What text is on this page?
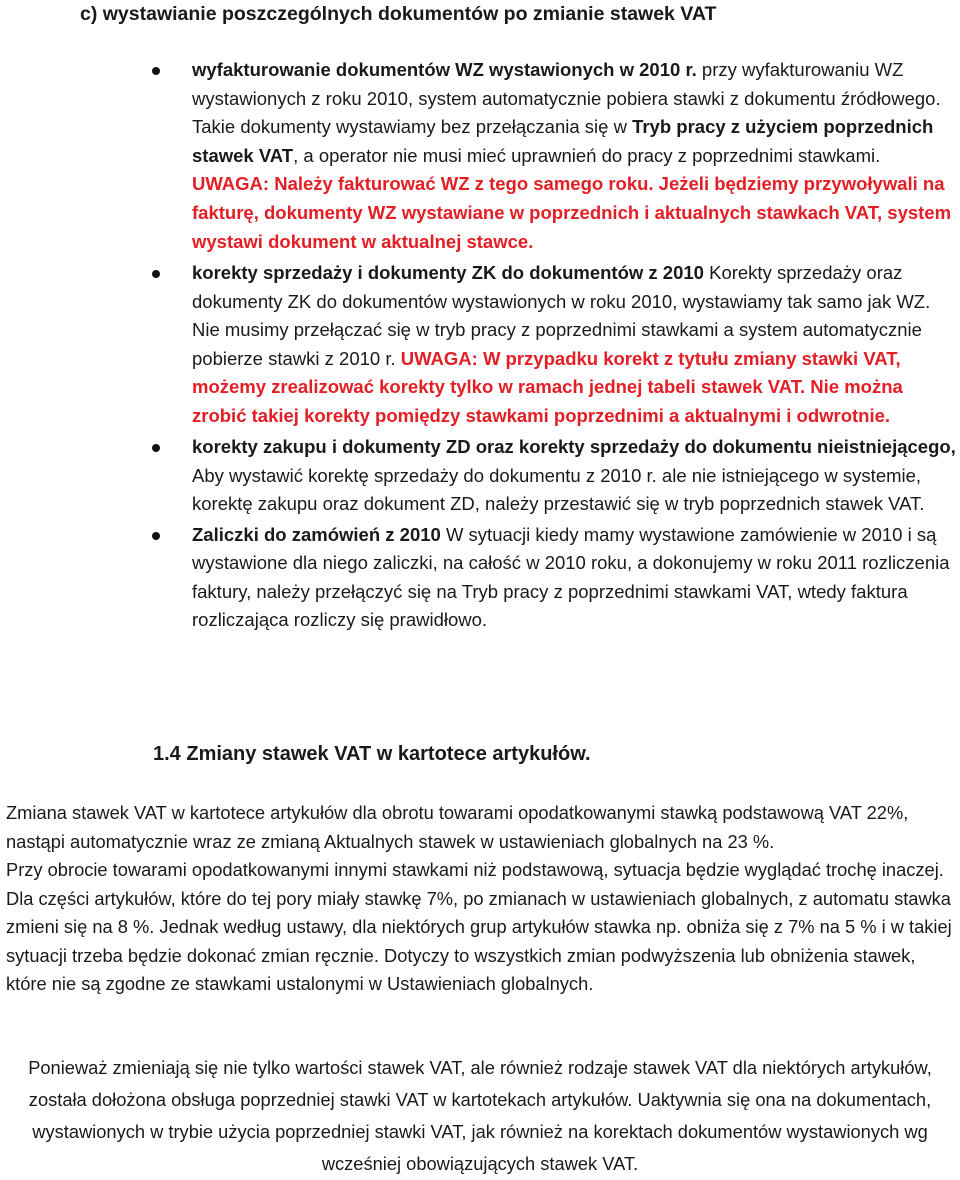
c) wystawianie poszczególnych dokumentów po zmianie stawek VAT
wyfakturowanie dokumentów WZ wystawionych w 2010 r. przy wyfakturowaniu WZ wystawionych z roku 2010, system automatycznie pobiera stawki z dokumentu źródłowego. Takie dokumenty wystawiamy bez przełączania się w Tryb pracy z użyciem poprzednich stawek VAT, a operator nie musi mieć uprawnień do pracy z poprzednimi stawkami. UWAGA: Należy fakturować WZ z tego samego roku. Jeżeli będziemy przywoływali na fakturę, dokumenty WZ wystawiane w poprzednich i aktualnych stawkach VAT, system wystawi dokument w aktualnej stawce.
korekty sprzedaży i dokumenty ZK do dokumentów z 2010 Korekty sprzedaży oraz dokumenty ZK do dokumentów wystawionych w roku 2010, wystawiamy tak samo jak WZ. Nie musimy przełączać się w tryb pracy z poprzednimi stawkami a system automatycznie pobierze stawki z 2010 r. UWAGA: W przypadku korekt z tytułu zmiany stawki VAT, możemy zrealizować korekty tylko w ramach jednej tabeli stawek VAT. Nie można zrobić takiej korekty pomiędzy stawkami poprzednimi a aktualnymi i odwrotnie.
korekty zakupu i dokumenty ZD oraz korekty sprzedaży do dokumentu nieistniejącego, Aby wystawić korektę sprzedaży do dokumentu z 2010 r. ale nie istniejącego w systemie, korektę zakupu oraz dokument ZD, należy przestawić się w tryb poprzednich stawek VAT.
Zaliczki do zamówień z 2010 W sytuacji kiedy mamy wystawione zamówienie w 2010 i są wystawione dla niego zaliczki, na całość w 2010 roku, a dokonujemy w roku 2011 rozliczenia faktury, należy przełączyć się na Tryb pracy z poprzednimi stawkami VAT, wtedy faktura rozliczająca rozliczy się prawidłowo.
1.4 Zmiany stawek VAT w kartotece artykułów.

Zmiana stawek VAT w kartotece artykułów dla obrotu towarami opodatkowanymi stawką podstawową VAT 22%, nastąpi automatycznie wraz ze zmianą Aktualnych stawek w ustawieniach globalnych na 23 %.

Przy obrocie towarami opodatkowanymi innymi stawkami niż podstawową, sytuacja będzie wyglądać trochę inaczej. Dla części artykułów, które do tej pory miały stawkę 7%, po zmianach w ustawieniach globalnych, z automatu stawka zmieni się na 8 %. Jednak według ustawy, dla niektórych grup artykułów stawka np. obniża się z 7% na 5 % i w takiej sytuacji trzeba będzie dokonać zmian ręcznie. Dotyczy to wszystkich zmian podwyższenia lub obniżenia stawek, które nie są zgodne ze stawkami ustalonymi w Ustawieniach globalnych.

Ponieważ zmieniają się nie tylko wartości stawek VAT, ale również rodzaje stawek VAT dla niektórych artykułów, została dołożona obsługa poprzedniej stawki VAT w kartotekach artykułów. Uaktywnia się ona na dokumentach, wystawionych w trybie użycia poprzedniej stawki VAT, jak również na korektach dokumentów wystawionych wg wcześniej obowiązujących stawek VAT.
